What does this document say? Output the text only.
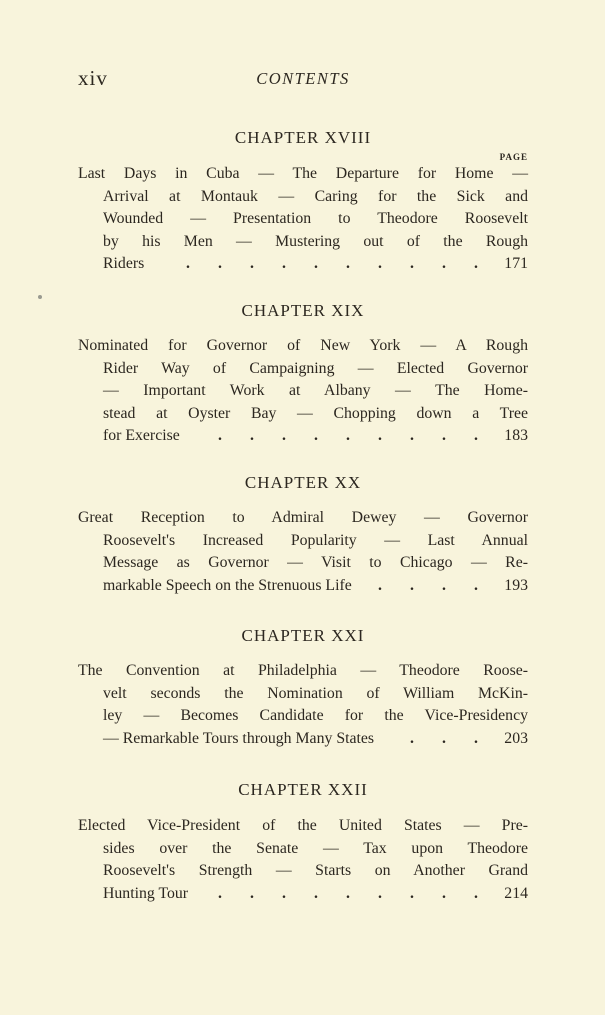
xiv	CONTENTS
PAGE
CHAPTER XVIII
Last Days in Cuba — The Departure for Home —
Arrival at Montauk — Caring for the Sick and
Wounded — Presentation to Theodore Roosevelt
by his Men — Mustering out of the Rough
Riders	. . . . . . . . . .	171
CHAPTER XIX
Nominated for Governor of New York — A Rough
Rider Way of Campaigning — Elected Governor
— Important Work at Albany — The Home-
stead at Oyster Bay — Chopping down a Tree
for Exercise	. . . . . . . . .	183
CHAPTER XX
Great Reception to Admiral Dewey — Governor
Roosevelt's Increased Popularity — Last Annual
Message as Governor — Visit to Chicago — Re-
markable Speech on the Strenuous Life	. . . .	193
CHAPTER XXI
The Convention at Philadelphia — Theodore Roose-
velt seconds the Nomination of William McKin-
ley — Becomes Candidate for the Vice-Presidency
— Remarkable Tours through Many States	. . .	203
CHAPTER XXII
Elected Vice-President of the United States — Pre-
sides over the Senate — Tax upon Theodore
Roosevelt's Strength — Starts on Another Grand
Hunting Tour	. . . . . . . . .	214
